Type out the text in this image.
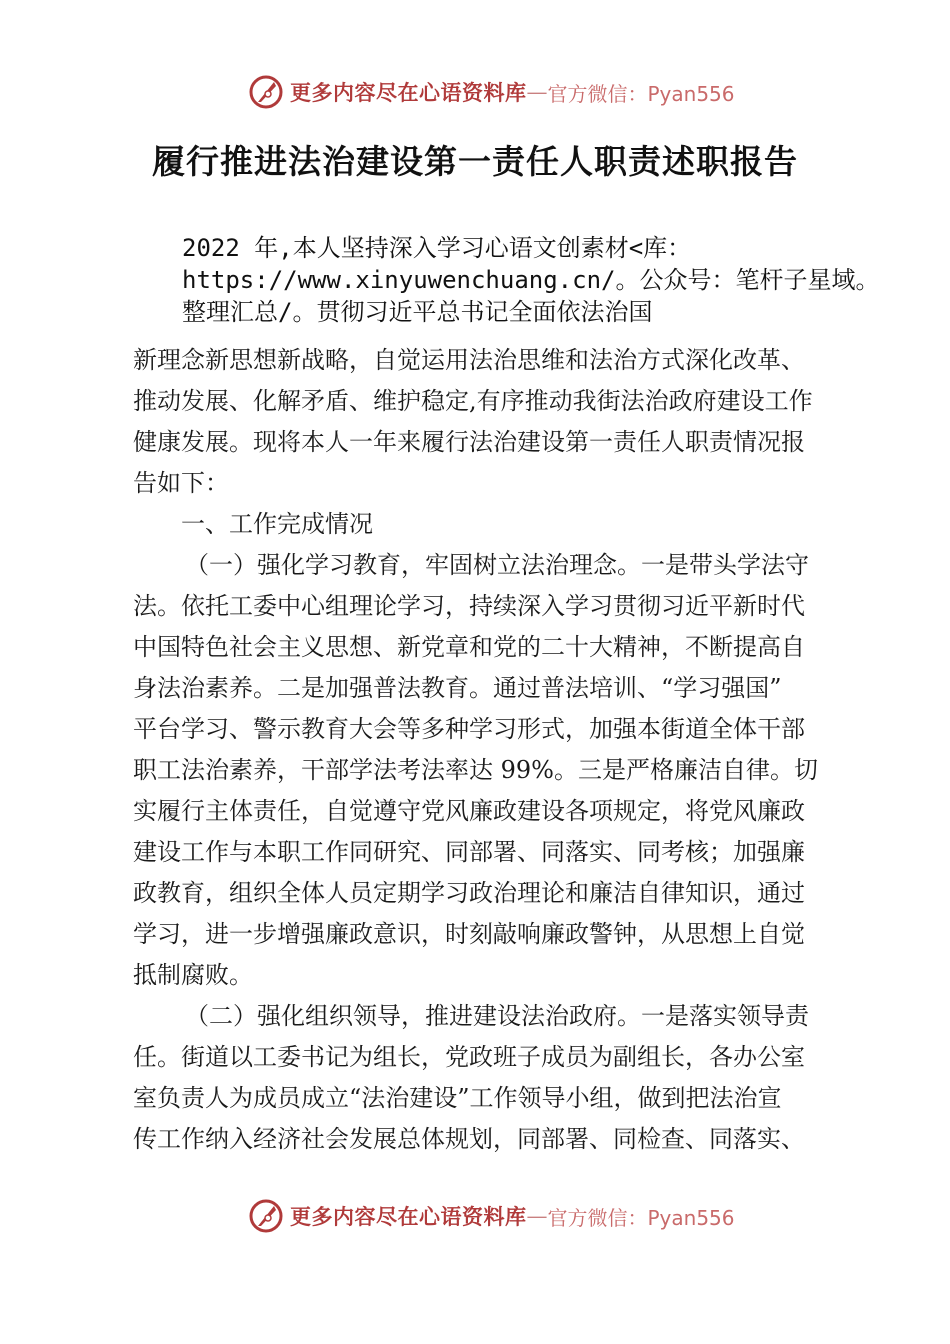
更多内容尽在心语资料库 — 官方微信：Pyan556
履行推进法治建设第一责任人职责述职报告
2022 年,本人坚持深入学习心语文创素材<库：
https://www.xinyuwenchuang.cn/。公众号：笔杆子星域。
整理汇总/。贯彻习近平总书记全面依法治国
新理念新思想新战略，自觉运用法治思维和法治方式深化改革、
推动发展、化解矛盾、维护稳定,有序推动我街法治政府建设工作
健康发展。现将本人一年来履行法治建设第一责任人职责情况报
告如下：
一、工作完成情况
（一）强化学习教育，牢固树立法治理念。一是带头学法守
法。依托工委中心组理论学习，持续深入学习贯彻习近平新时代
中国特色社会主义思想、新党章和党的二十大精神，不断提高自
身法治素养。二是加强普法教育。通过普法培训、“学习强国”
平台学习、警示教育大会等多种学习形式，加强本街道全体干部
职工法治素养，干部学法考法率达 99%。三是严格廉洁自律。切
实履行主体责任，自觉遵守党风廉政建设各项规定，将党风廉政
建设工作与本职工作同研究、同部署、同落实、同考核；加强廉
政教育，组织全体人员定期学习政治理论和廉洁自律知识，通过
学习，进一步增强廉政意识，时刻敲响廉政警钟，从思想上自觉
抵制腐败。
（二）强化组织领导，推进建设法治政府。一是落实领导责
任。街道以工委书记为组长，党政班子成员为副组长，各办公室
室负责人为成员成立“法治建设”工作领导小组，做到把法治宣
传工作纳入经济社会发展总体规划，同部署、同检查、同落实、
更多内容尽在心语资料库 — 官方微信：Pyan556
